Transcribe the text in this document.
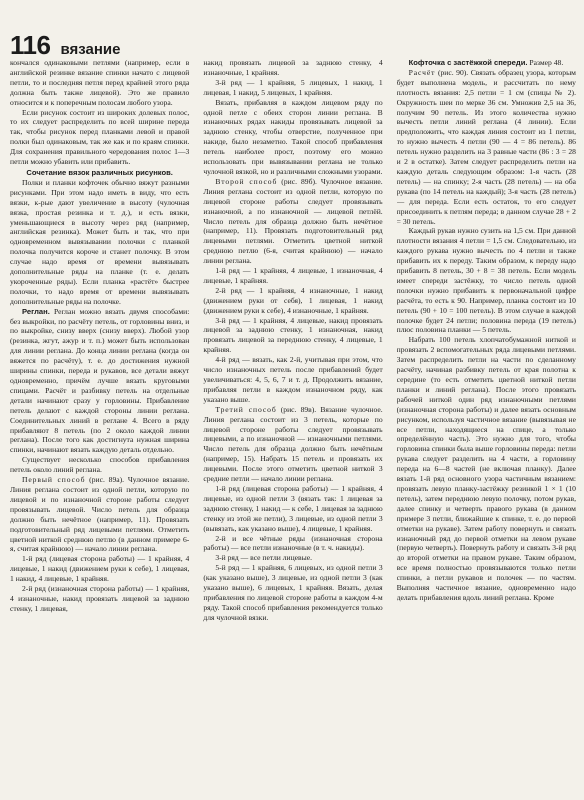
116 вязание

кончался одинаковыми петлями (например, если в английской резинке вязание спинки начато с лицевой петли, то и последняя петля перед крайней этого ряда должна быть также лицевой). Это же правило относится и к поперечным полосам любого узора.

Если рисунок состоит из широких долевых полос, то их следует распределить по всей ширине переда так, чтобы рисунок перед планками левой и правой полки был одинаковым, так же как и по краям спинки. Для сохранения правильного чередования полос 1—3 петли можно убавить или прибавить.

Сочетание вязок различных рисунков.

Полки и планки кофточек обычно вяжут разными рисунками. При этом надо иметь в виду, что есть вязки, к-рые дают увеличение в высоту (чулочная вязка, простая резинка и т. д.), и есть вязки, уменьшающиеся в высоту через ряд (например, английская резинка). Может быть и так, что при одновременном вывязывании полочки с планкой полочка получится короче и станет полочку. В этом случае надо время от времени вывязывать дополнительные ряды на планке (т. е. делать укороченные ряды). Если планка «растёт» быстрее полочки, то надо время от времени вывязывать дополнительные ряды на полочке.

Реглан. Реглан можно вязать двумя способами: без выкройки, по расчёту петель, от горловины вниз, и по выкройке, снизу вверх (снизу вверх). Любой узор (резинка, жгут, ажур и т. п.) может быть использован для линии реглана. До конца линии реглана (когда он вяжется по расчёту), т. е. до достижения нужной ширины спинки, переда и рукавов, все детали вяжут одновременно, причём лучше вязать круговыми спицами. Расчёт и разбивку петель на отдельные детали начинают сразу у горловины. Прибавление петель делают с каждой стороны линии реглана. Соединительных линий в реглане 4. Всего в ряду прибавляют 8 петель (по 2 около каждой линии реглана). После того как достигнута нужная ширина спинки, начинают вязать каждую деталь отдельно.

Существует несколько способов прибавления петель около линий реглана.

Первый способ (рис. 89а). Чулочное вязание. Линия реглана состоит из одной петли, которую по лицевой и по изнаночной стороне работы следует провязывать лицевой. Число петель для образца должно быть нечётное (например, 11). Провязать подготовительный ряд лицевыми петлями. Отметить цветной ниткой среднюю петлю (в данном примере 6-я, считая крайнюю) — начало линии реглана.

1-й ряд (лицевая сторона работы) — 1 крайняя, 4 лицевые, 1 накид (движением руки к себе), 1 лицевая, 1 накид, 4 лицевые, 1 крайняя.

2-й ряд (изнаночная сторона работы) — 1 крайняя, 4 изнаночные, накид провязать лицевой за заднюю стенку, 1 лицевая,

накид провязать лицевой за заднюю стенку, 4 изнаночные, 1 крайняя.

3-й ряд — 1 крайняя, 5 лицевых, 1 накид, 1 лицевая, 1 накид, 5 лицевых, 1 крайняя.

Вязать, прибавляя в каждом лицевом ряду по одной петле с обеих сторон линии реглана. В изнаночных рядах накиды провязывать лицевой за заднюю стенку, чтобы отверстие, полученное при накиде, было незаметно. Такой способ прибавления петель наиболее прост, поэтому его можно использовать при вывязывании реглана не только чулочной вязкой, но и различными сложными узорами.

Второй способ (рис. 89б). Чулочное вязание. Линия реглана состоит из одной петли, которую по лицевой стороне работы следует провязывать изнаночной, а по изнаночной — лицевой петлёй. Число петель для образца должно быть нечётное (например, 11). Провязать подготовительный ряд лицевыми петлями. Отметить цветной ниткой среднюю петлю (6-я, считая крайнюю) — начало линии реглана.

1-й ряд — 1 крайняя, 4 лицевые, 1 изнаночная, 4 лицевые, 1 крайняя.

2-й ряд — 1 крайняя, 4 изнаночные, 1 накид (движением руки от себя), 1 лицевая, 1 накид (движением руки к себе), 4 изнаночные, 1 крайняя.

3-й ряд — 1 крайняя, 4 лицевые, накид провязать лицевой за заднюю стенку, 1 изнаночная, накид провязать лицевой за переднюю стенку, 4 лицевые, 1 крайняя.

4-й ряд — вязать, как 2-й, учитывая при этом, что число изнаночных петель после прибавлений будет увеличиваться: 4, 5, 6, 7 и т. д. Продолжить вязание, прибавляя петли в каждом изнаночном ряду, как указано выше.

Третий способ (рис. 89в). Вязание чулочное. Линия реглана состоит из 3 петель, которые по лицевой стороне работы следует провязывать лицевыми, а по изнаночной — изнаночными петлями. Число петель для образца должно быть нечётным (например, 15). Набрать 15 петель и провязать их лицевыми. После этого отметить цветной ниткой 3 средние петли — начало линии реглана.

1-й ряд (лицевая сторона работы) — 1 крайняя, 4 лицевые, из одной петли 3 (вязать так: 1 лицевая за заднюю стенку, 1 накид — к себе, 1 лицевая за заднюю стенку из этой же петли), 3 лицевые, из одной петли 3 (вывязать, как указано выше), 4 лицевые, 1 крайняя.

2-й и все чётные ряды (изнаночная сторона работы) — все петли изнаночные (в т. ч. накиды).

3-й ряд — все петли лицевые.

5-й ряд — 1 крайняя, 6 лицевых, из одной петли 3 (как указано выше), 3 лицевые, из одной петли 3 (как указано выше), 6 лицевых, 1 крайняя. Вязать, делая прибавления по лицевой стороне работы в каждом 4-м ряду. Такой способ прибавления рекомендуется только для чулочной вязки.

Кофточка с застёжкой спереди. Размер 48.

Расчёт (рис. 90). Связать образец узора, которым будет выполнена модель, и рассчитать по нему плотность вязания: 2,5 петли = 1 см (спицы № 2). Окружность шеи по мерке 36 см. Умножив 2,5 на 36, получим 90 петель. Из этого количества нужно вычесть петли линий реглана (4 линии). Если предположить, что каждая линия состоит из 1 петли, то нужно вычесть 4 петли (90 — 4 = 86 петель). 86 петель нужно разделить на 3 равные части (86 : 3 = 28 и 2 в остатке). Затем следует распределить петли на каждую деталь следующим образом: 1-я часть (28 петель) — на спинку; 2-я часть (28 петель) — на оба рукава (по 14 петель на каждый); 3-я часть (28 петель) — для переда. Если есть остаток, то его следует присоединить к петлям переда; в данном случае 28 + 2 = 30 петель.

Каждый рукав нужно сузить на 1,5 см. При данной плотности вязания 4 петли = 1,5 см. Следовательно, из каждого рукава нужно вычесть по 4 петли и также прибавить их к переду. Таким образом, к переду надо прибавить 8 петель, 30 + 8 = 38 петель. Если модель имеет спереди застёжку, то число петель одной полочки нужно прибавить к первоначальной цифре расчёта, то есть к 90. Например, планка состоит из 10 петель (90 + 10 = 100 петель). В этом случае в каждой полочке будет 24 петли; половина переда (19 петель) плюс половина планки — 5 петель.

Набрать 100 петель хлопчатобумажной ниткой и провязать 2 вспомогательных ряда лицевыми петлями. Затем распределить петли на части по сделанному расчёту, начиная разбивку петель от края полотна к середине (то есть отметить цветной ниткой петли планки и линий реглана). После этого провязать рабочей ниткой один ряд изнаночными петлями (изнаночная сторона работы) и далее вязать основным рисунком, используя частичное вязание (вывязывая не все петли, находящиеся на спице, а только определённую часть). Это нужно для того, чтобы горловина спинки была выше горловины переда: петли рукава следует разделить на 4 части, а горловину переда на 6—8 частей (не включая планку). Далее вязать 1-й ряд основного узора частичным вязанием: провязать левую планку-застёжку резинкой 1 × 1 (10 петель), затем переднюю левую полочку, потом рукав, далее спинку и четверть правого рукава (в данном примере 3 петли, ближайшие к спинке, т. е. до первой отметки на рукаве). Затем работу повернуть и связать изнаночный ряд до первой отметки на левом рукаве (первую четверть). Повернуть работу и связать 3-й ряд до второй отметки на правом рукаве. Таким образом, все время полностью провязываются только петли спинки, а петли рукавов и полочек — по частям. Выполняя частичное вязание, одновременно надо делать прибавления вдоль линий реглана. Кроме
